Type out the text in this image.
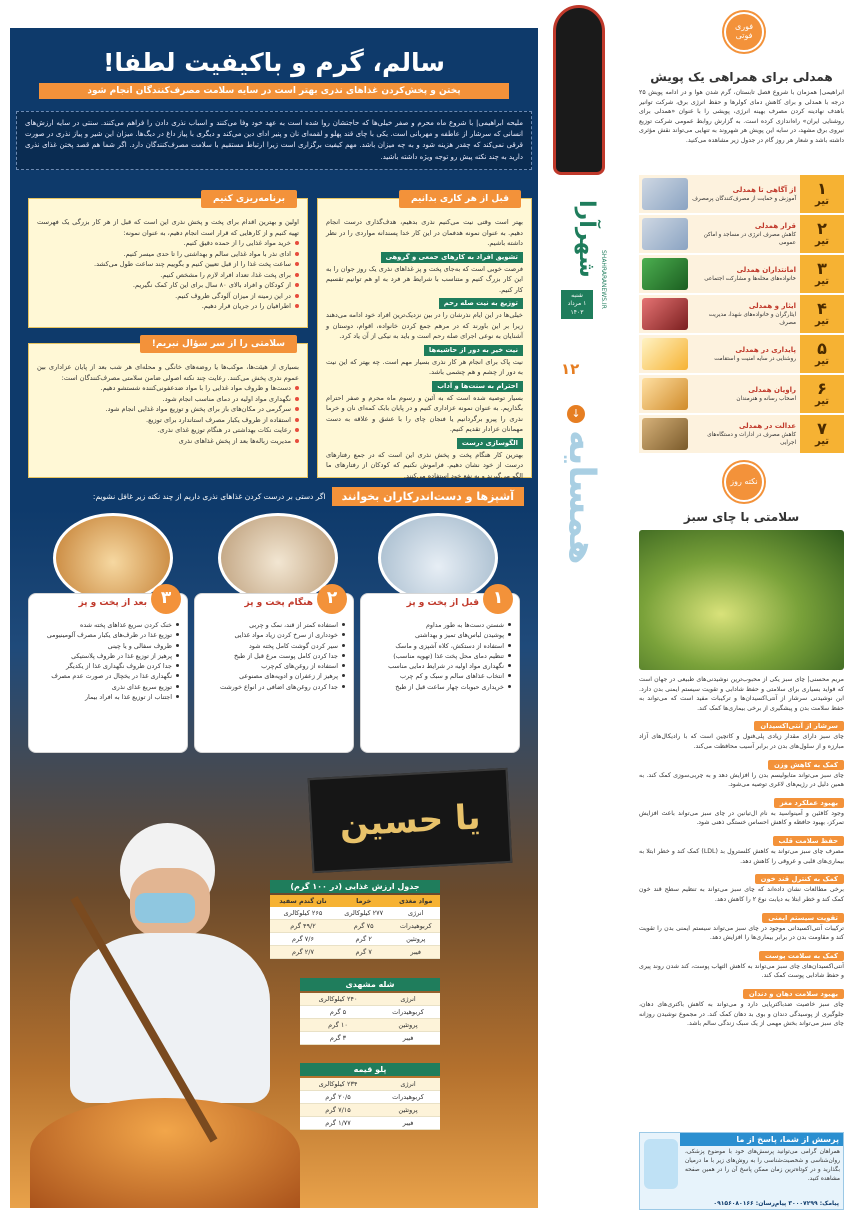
سالم، گرم و باکیفیت لطفا!
پختن و پخش‌کردن غذاهای نذری بهتر است در سایه سلامت مصرف‌کنندگان انجام شود
ملیحه ابراهیمی| با شروع ماه محرم و صفر خیلی‌ها که حاجتشان روا شده است به عهد خود وفا می‌کنند و اسباب نذری دادن را فراهم می‌کنند. سنتی در سایه ارزش‌های انسانی که سرشار از عاطفه و مهربانی است. یکی با چای قند پهلو و لقمه‌ای نان و پنیر ادای دین می‌کند و دیگری با پیاز داغ در دیگ‌ها. میزان این شیر و پیاز نذری در صورت قرقی نمی‌کند که چقدر هزینه شود و به چه میزان باشد. مهم کیفیت برگزاری است زیرا ارتباط مستقیم با سلامت مصرف‌کنندگان دارد. اگر شما هم قصد پختن غذای نذری دارید به چند نکته پیش رو توجه ویژه داشته باشید.
قبل از هر کاری بدانیم
بهتر است وقتی نیت می‌کنیم نذری بدهیم، هدف‌گذاری درست انجام دهیم. به عنوان نمونه هدفمان در این کار خدا پسندانه مواردی را در نظر داشته باشیم.
تشویق افراد به کارهای جمعی و گروهی
فرصت خوبی است که به‌جای پخت و پز غذاهای نذری یک روز جوان را به این کار بزرگ کنیم و متناسب با شرایط هر فرد به او هم توانیم تقسیم کار کنیم.
توزیع به نیت صله رحم
خیلی‌ها در این ایام نذرشان را در بین نزدیک‌ترین افراد خود ادامه می‌دهند زیرا بر این باورند که در مرهم جمع کردن خانواده، اقوام، دوستان و آشنایان به نوعی اجرای صله رحم است و باید به نیکی از آن یاد کرد.
نیت خیر به دور از حاشیه‌ها
نیت پاک برای انجام هر کار نذری بسیار مهم است. چه بهتر که این نیت به دور از چشم و هم چشمی باشد.
احترام به سنت‌ها و آداب
بسیار توصیه شده است که به آئین و رسوم ماه محرم و صفر احترام بگذاریم. به عنوان نمونه عزاداری کنیم و در پایان بابک کمه‌ای نان و خرما نذری را پیرو برگردانیم یا فنجان چای را با عشق و علاقه به دست مهمانان عزادار تقدیم کنیم.
الگوسازی درست
بهترین کار هنگام پخت و پخش نذری این است که در جمع رفتارهای درست از خود نشان دهیم. فراموش نکنیم که کودکان از رفتارهای ما الگو می‌گیرند و به نفع خود استفاده می‌کنند.
برنامه‌ریزی کنیم
اولین و بهترین اقدام برای پخت و پخش نذری این است که قبل از هر کار بزرگی یک فهرست تهیه کنیم و از کارهایی که قرار است انجام دهیم، به عنوان نمونه:
خرید مواد غذایی را از حمده دقیق کنیم.
ادای نذر با مواد غذایی سالم و بهداشتی را تا حدی میسر کنیم.
ساعت پخت غذا را از قبل تعیین کنیم و بگوییم چند ساعت طول می‌کشد.
برای پخت غذا، تعداد افراد لازم را مشخص کنیم.
از کودکان و افراد بالای ۸۰ سال برای این کار کمک نگیریم.
در این زمینه از میزان آلودگی ظروف کنیم.
اطرافیان را در جریان قرار دهیم.
سلامتی را از سر سؤال نبریم!
بسیاری از هیئت‌ها، موکب‌ها یا روضه‌های خانگی و محله‌ای هر شب بعد از پایان عزاداری بین عموم نذری پخش می‌کنند. رعایت چند نکته اصولی ضامن سلامتی مصرف‌کنندگان است:
دست‌ها و ظروف مواد غذایی را با مواد ضدعفونی‌کننده شستشو دهیم.
نگهداری مواد اولیه در دمای مناسب انجام شود.
سرگرمی در مکان‌های باز برای پخش و توزیع مواد غذایی انجام شود.
استفاده از ظروف یکبار مصرف استاندارد برای توزیع.
رعایت نکات بهداشتی در هنگام توزیع غذای نذری.
مدیریت زباله‌ها بعد از پخش غذاهای نذری
آشپزها و دست‌اندرکاران بخوانند
اگر دستی بر درست کردن غذاهای نذری داریم از چند نکته زیر غافل نشویم:
۱
قبل از پخت و پز
شستن دست‌ها به طور مداوم
پوشیدن لباس‌های تمیز و بهداشتی
استفاده از دستکش، کلاه آشپزی و ماسک
تنظیم دمای محل پخت غذا (تهویه مناسب)
نگهداری مواد اولیه در شرایط دمایی مناسب
انتخاب غذاهای سالم و سبک و کم چرب
خریداری حبوبات چهار ساعت قبل از طبخ
۲
هنگام پخت و پز
استفاده کمتر از قند، نمک و چربی
خودداری از سرخ کردن زیاد مواد غذایی
سیر کردن گوشت کامل پخته شود
جدا کردن کامل پوست مرغ قبل از طبخ
استفاده از روغن‌های کم‌چرب
پرهیز از زعفران و ادویه‌های مصنوعی
جدا کردن روغن‌های اضافی در انواع خورشت
۳
بعد از پخت و پز
خنک کردن سریع غذاهای پخته شده
توزیع غذا در ظرف‌های یکبار مصرف آلومینیومی
ظروف سفالی و یا چینی
پرهیز از توزیع غذا در ظروف پلاستیکی
جدا کردن ظروف نگهداری غذا از یکدیگر
نگهداری غذا در یخچال در صورت عدم مصرف
توزیع سریع غذای نذری
اجتناب از توزیع غذا به افراد بیمار
یا حسین
جدول ارزش غذایی (در ۱۰۰ گرم)
مواد مغذی	خرما	نان گندم سفید
انرژی	۲۷۷ کیلوکالری	۲۶۵ کیلوکالری
کربوهیدرات	۷۵ گرم	۴۹/۲ گرم
پروتئین	۲ گرم	۷/۶ گرم
فیبر	۷ گرم	۲/۷ گرم
شله مشهدی
انرژی	۲۴۰ کیلوکالری
کربوهیدرات	۵ گرم
پروتئین	۱۰ گرم
فیبر	۳ گرم
پلو قیمه
انرژی	۲۳۴ کیلوکالری
کربوهیدرات	۲۰/۵ گرم
پروتئین	۷/۱۵ گرم
فیبر	۱/۷۷ گرم
شهرآرا
شنبه
۱ مرداد ۱۴۰۳
SHAHRARANEWS.IR
۱۲
↓
همسایه
فوری فوتی
همدلی برای همراهی یک پویش
ابراهیمی| همزمان با شروع فصل تابستان، گرم شدن هوا و در ادامه پویش ۲۵ درجه با همدلی و برای کاهش دمای کولرها و حفظ انرژی برق، شرکت توانیر باهدف نهادینه کردن مصرف بهینه انرژی، پویشی را با عنوان «همدلی برای روشنایی ایران» راه‌اندازی کرده است. به گزارش روابط عمومی شرکت توزیع نیروی برق مشهد، در سایه این پویش هر شهروند به تنهایی می‌تواند نقش مؤثری داشته باشد و شعار هر روز گام در جدول زیر مشاهده می‌کنید.
۱
تیر
از آگاهی تا همدلی
آموزش و حمایت از مصرف‌کنندگان پرمصرف
۲
تیر
قرار همدلی
کاهش مصرف انرژی در مساجد و اماکن عمومی
۳
تیر
امانتداران همدلی
خانواده‌های محله‌ها و مشارکت اجتماعی
۴
تیر
ایثار و همدلی
ایثارگران و خانواده‌های شهدا، مدیریت مصرف
۵
تیر
پایداری در همدلی
روشنایی در سایه امنیت و استقامت
۶
تیر
راویان همدلی
اصحاب رسانه و هنرمندان
۷
تیر
عدالت در همدلی
کاهش مصرف در ادارات و دستگاه‌های اجرایی
نکته روز
سلامتی با چای سبز
مریم محسنی| چای سبز یکی از محبوب‌ترین نوشیدنی‌های طبیعی در جهان است که فواید بسیاری برای سلامتی و حفظ شادابی و تقویت سیستم ایمنی بدن دارد. این نوشیدنی سرشار از آنتی‌اکسیدان‌ها و ترکیبات مفید است که می‌تواند به حفظ سلامت بدن و پیشگیری از برخی بیماری‌ها کمک کند.
سرشار از آنتی‌اکسیدان
چای سبز دارای مقدار زیادی پلی‌فنول و کاتچین است که با رادیکال‌های آزاد مبارزه و از سلول‌های بدن در برابر آسیب محافظت می‌کند.
کمک به کاهش وزن
چای سبز می‌تواند متابولیسم بدن را افزایش دهد و به چربی‌سوزی کمک کند. به همین دلیل در رژیم‌های لاغری توصیه می‌شود.
بهبود عملکرد مغز
وجود کافئین و آمینواسید به نام ال‌تیانین در چای سبز می‌تواند باعث افزایش تمرکز، بهبود حافظه و کاهش احساس خستگی ذهنی شود.
حفظ سلامت قلب
مصرف چای سبز می‌تواند به کاهش کلسترول بد (LDL) کمک کند و خطر ابتلا به بیماری‌های قلبی و عروقی را کاهش دهد.
کمک به کنترل قند خون
برخی مطالعات نشان داده‌اند که چای سبز می‌تواند به تنظیم سطح قند خون کمک کند و خطر ابتلا به دیابت نوع ۲ را کاهش دهد.
تقویت سیستم ایمنی
ترکیبات آنتی‌اکسیدانی موجود در چای سبز می‌تواند سیستم ایمنی بدن را تقویت کند و مقاومت بدن در برابر بیماری‌ها را افزایش دهد.
کمک به سلامت پوست
آنتی‌اکسیدان‌های چای سبز می‌تواند به کاهش التهاب پوست، کند شدن روند پیری و حفظ شادابی پوست کمک کند.
بهبود سلامت دهان و دندان
چای سبز خاصیت ضدباکتریایی دارد و می‌تواند به کاهش باکتری‌های دهان، جلوگیری از پوسیدگی دندان و بوی بد دهان کمک کند. در مجموع نوشیدن روزانه چای سبز می‌تواند بخش مهمی از یک سبک زندگی سالم باشد.
پرسش از شما، پاسخ از ما
همراهان گرامی می‌توانید پرسش‌های خود با موضوع پزشکی، روان‌شناسی و شخصیت‌شناسی را به روش‌های زیر با ما درمیان بگذارید و در کوتاه‌ترین زمان ممکن پاسخ آن را در همین صفحه مشاهده کنید.
پیامک: ۳۰۰۰۷۲۹۹ پیام‌رسان: ۰۹۱۵۶۰۸۰۱۶۶
